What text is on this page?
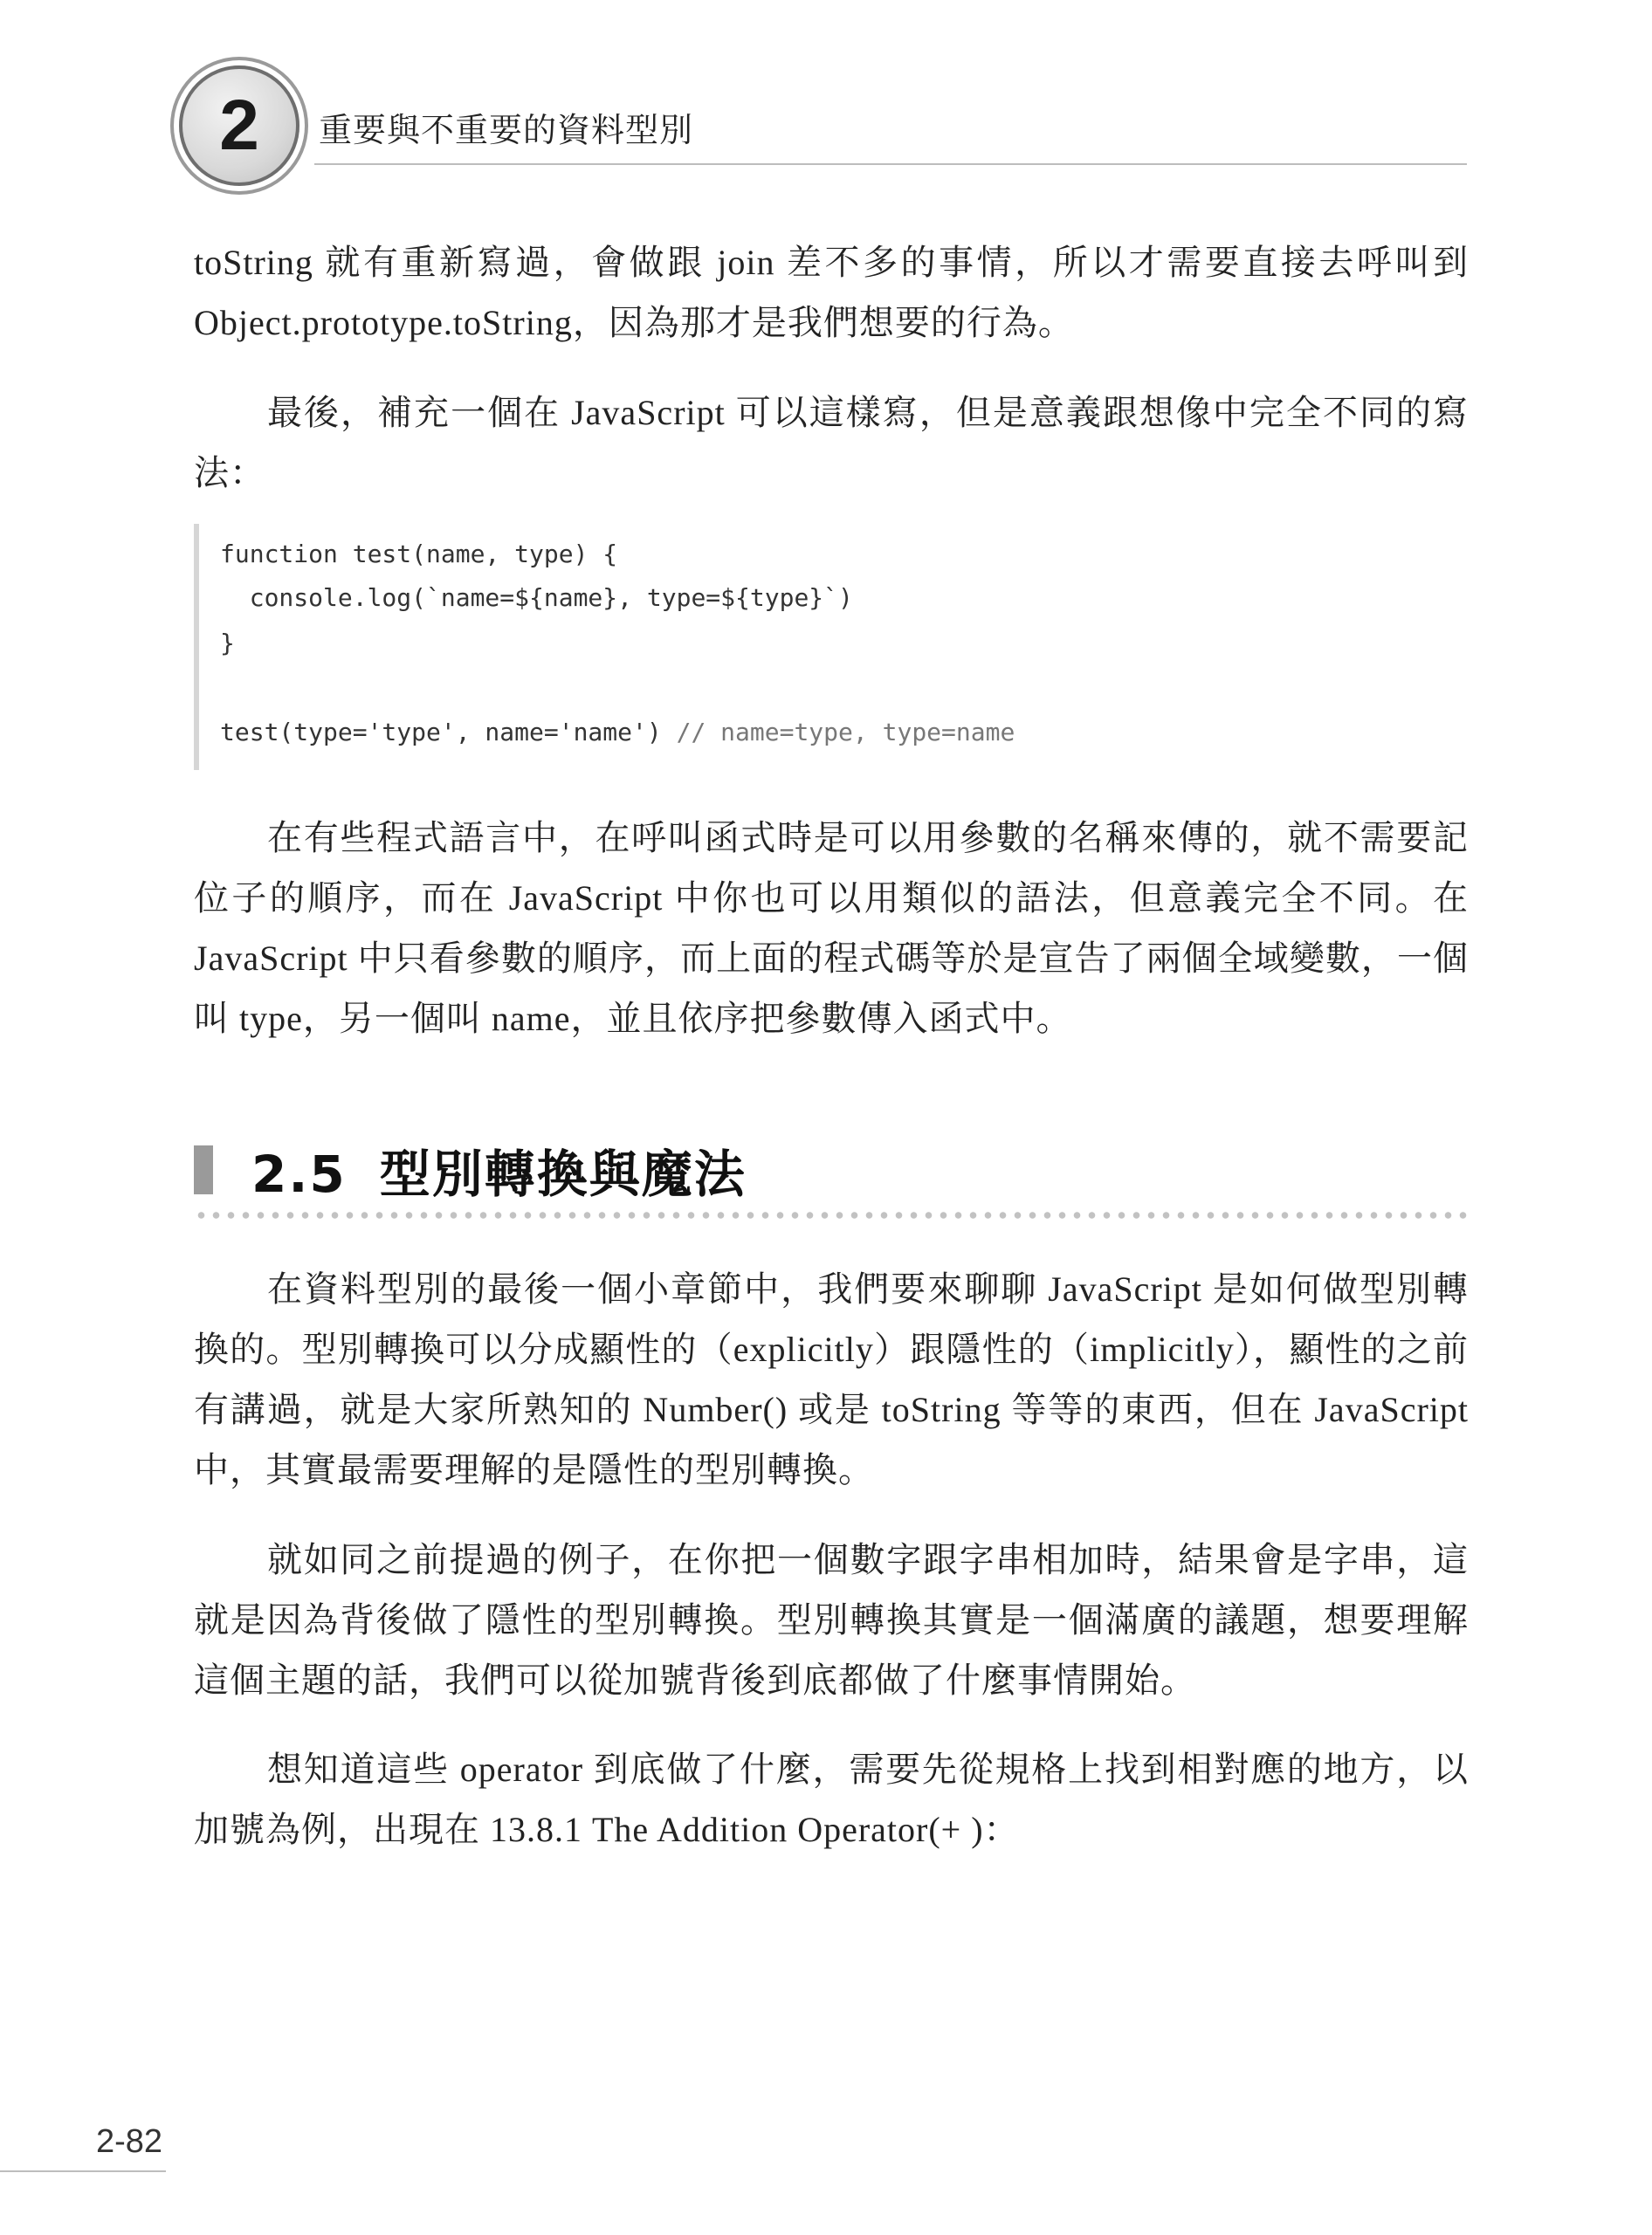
2 重要與不重要的資料型別

toString 就有重新寫過，會做跟 join 差不多的事情，所以才需要直接去呼叫到 Object.prototype.toString，因為那才是我們想要的行為。

最後，補充一個在 JavaScript 可以這樣寫，但是意義跟想像中完全不同的寫法：

function test(name, type) {
console.log(`name=${name}, type=${type}`)
}
test(type='type', name='name') // name=type, type=name

在有些程式語言中，在呼叫函式時是可以用參數的名稱來傳的，就不需要記位子的順序，而在 JavaScript 中你也可以用類似的語法，但意義完全不同。在 JavaScript 中只看參數的順序，而上面的程式碼等於是宣告了兩個全域變數，一個叫 type，另一個叫 name，並且依序把參數傳入函式中。

2.5 型別轉換與魔法

在資料型別的最後一個小章節中，我們要來聊聊 JavaScript 是如何做型別轉換的。型別轉換可以分成顯性的（explicitly）跟隱性的（implicitly），顯性的之前有講過，就是大家所熟知的 Number() 或是 toString 等等的東西，但在 JavaScript 中，其實最需要理解的是隱性的型別轉換。

就如同之前提過的例子，在你把一個數字跟字串相加時，結果會是字串，這就是因為背後做了隱性的型別轉換。型別轉換其實是一個滿廣的議題，想要理解這個主題的話，我們可以從加號背後到底都做了什麼事情開始。

想知道這些 operator 到底做了什麼，需要先從規格上找到相對應的地方，以加號為例，出現在 13.8.1 The Addition Operator(+ )：

2-82
